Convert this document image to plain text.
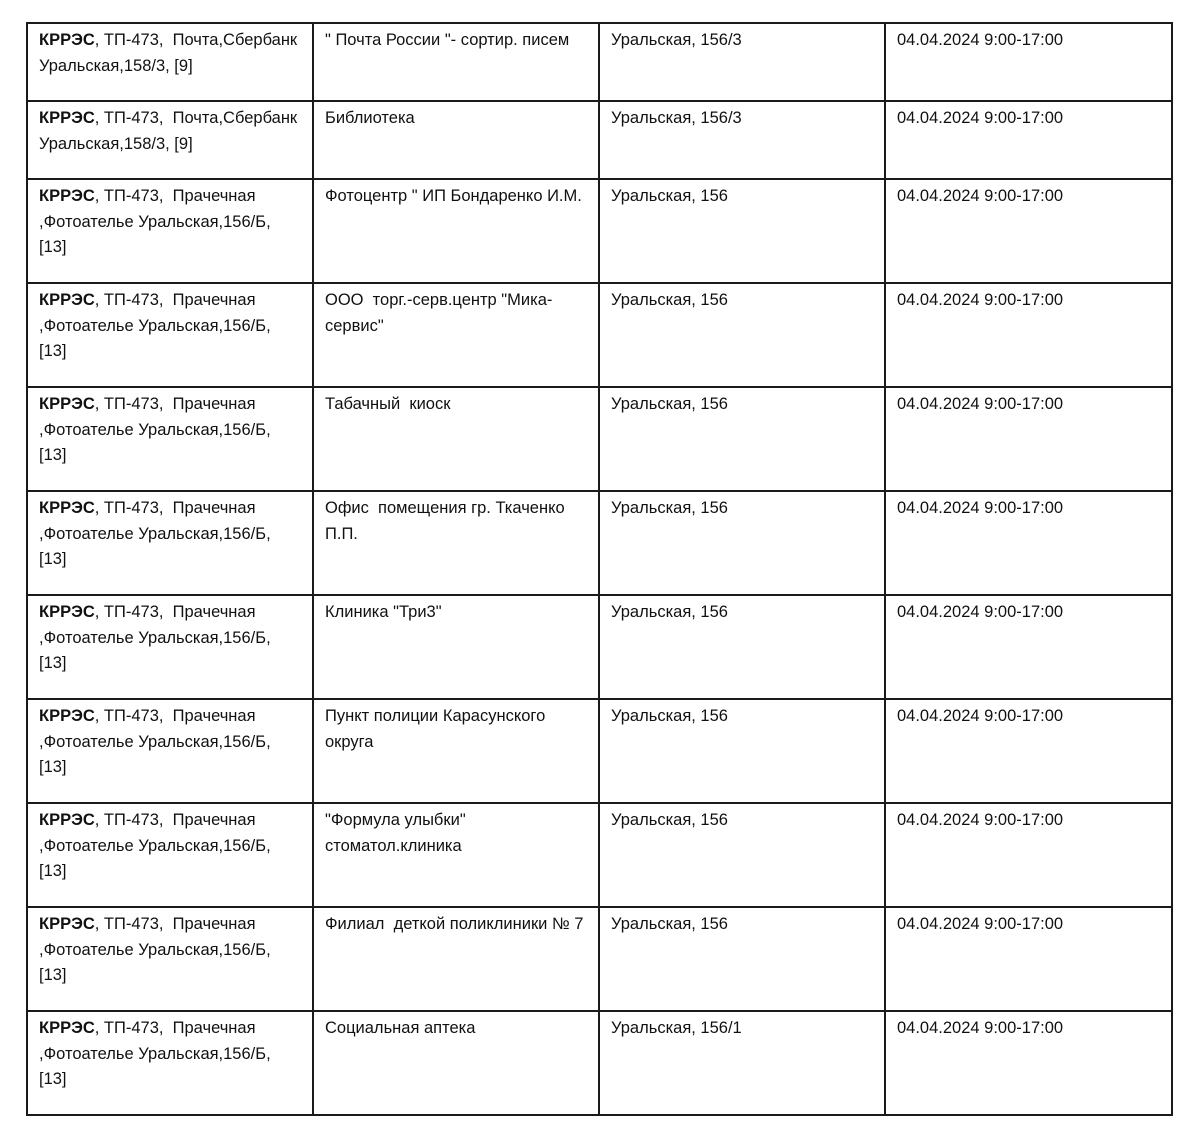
КРРЭС, ТП-473,  Почта,Сбербанк Уральская,158/3, [9]	" Почта России "- сортир. писем	Уральская, 156/3	04.04.2024 9:00-17:00
КРРЭС, ТП-473,  Почта,Сбербанк Уральская,158/3, [9]	Библиотека	Уральская, 156/3	04.04.2024 9:00-17:00
КРРЭС, ТП-473,  Прачечная ,Фотоателье Уральская,156/Б, [13]	Фотоцентр " ИП Бондаренко И.М.	Уральская, 156	04.04.2024 9:00-17:00
КРРЭС, ТП-473,  Прачечная ,Фотоателье Уральская,156/Б, [13]	ООО  торг.-серв.центр "Мика-сервис"	Уральская, 156	04.04.2024 9:00-17:00
КРРЭС, ТП-473,  Прачечная ,Фотоателье Уральская,156/Б, [13]	Табачный  киоск	Уральская, 156	04.04.2024 9:00-17:00
КРРЭС, ТП-473,  Прачечная ,Фотоателье Уральская,156/Б, [13]	Офис  помещения гр. Ткаченко П.П.	Уральская, 156	04.04.2024 9:00-17:00
КРРЭС, ТП-473,  Прачечная ,Фотоателье Уральская,156/Б, [13]	Клиника "Три3"	Уральская, 156	04.04.2024 9:00-17:00
КРРЭС, ТП-473,  Прачечная ,Фотоателье Уральская,156/Б, [13]	Пункт полиции Карасунского округа	Уральская, 156	04.04.2024 9:00-17:00
КРРЭС, ТП-473,  Прачечная ,Фотоателье Уральская,156/Б, [13]	"Формула улыбки" стоматол.клиника	Уральская, 156	04.04.2024 9:00-17:00
КРРЭС, ТП-473,  Прачечная ,Фотоателье Уральская,156/Б, [13]	Филиал  деткой поликлиники № 7	Уральская, 156	04.04.2024 9:00-17:00
КРРЭС, ТП-473,  Прачечная ,Фотоателье Уральская,156/Б, [13]	Социальная аптека	Уральская, 156/1	04.04.2024 9:00-17:00
